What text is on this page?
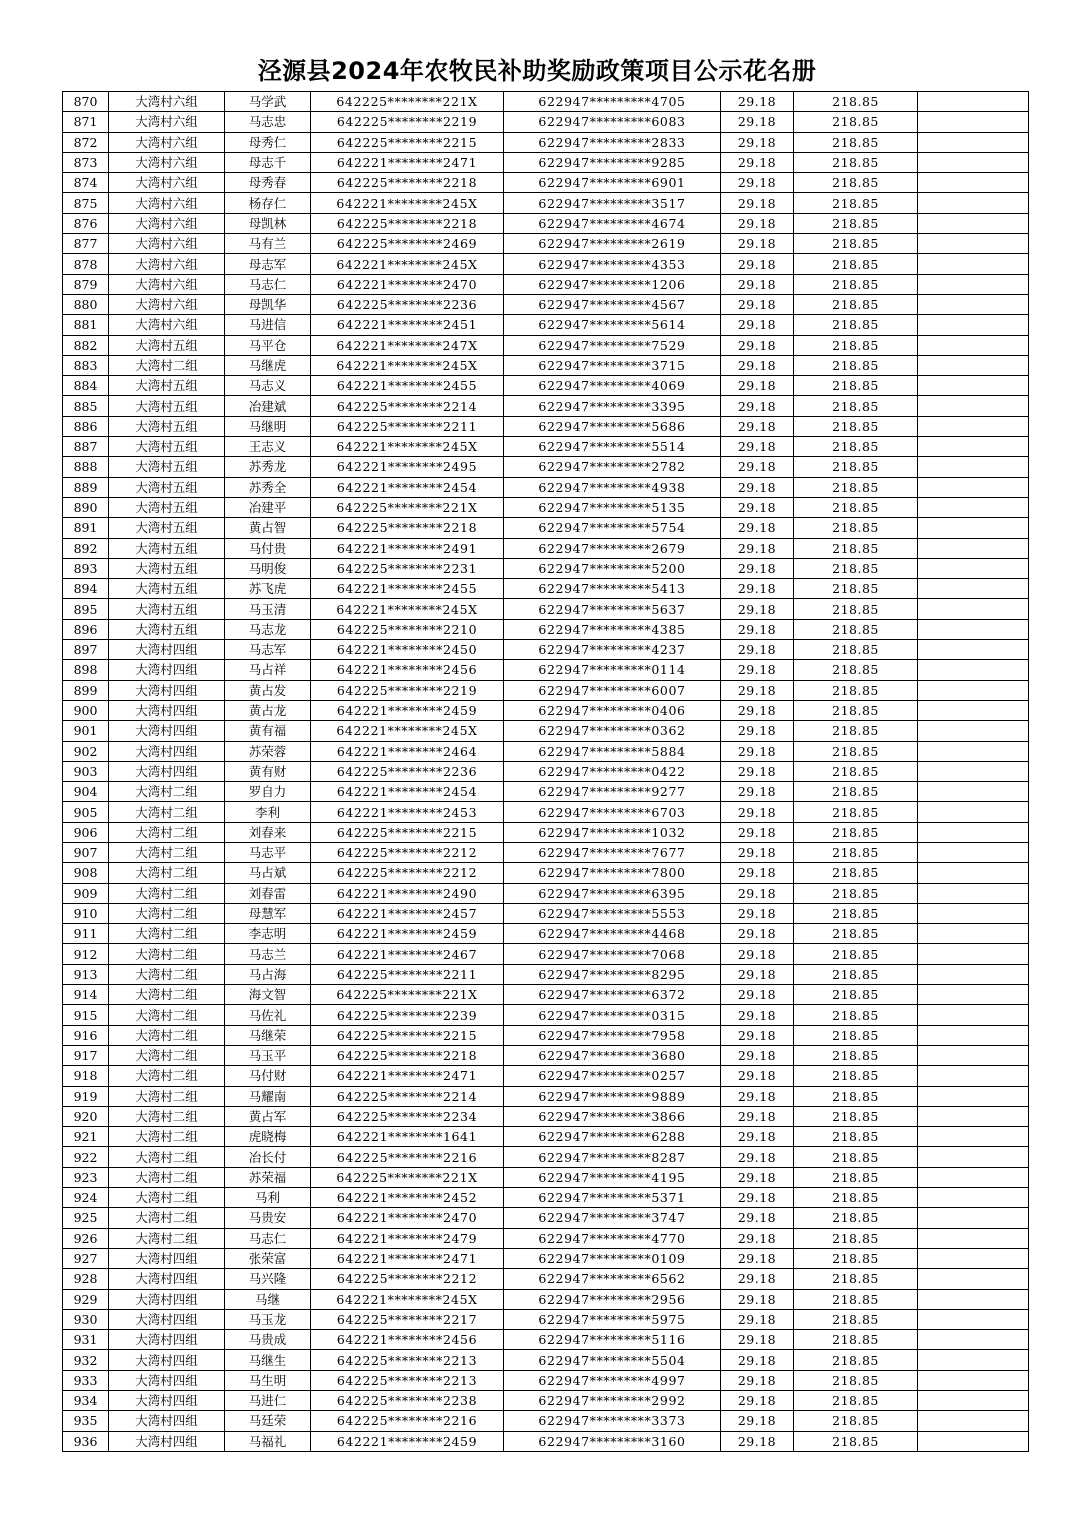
泾源县2024年农牧民补助奖励政策项目公示花名册
870	大湾村六组	马学武	642225********221X	622947*********4705	29.18	218.85	
871	大湾村六组	马志忠	642225********2219	622947*********6083	29.18	218.85	
872	大湾村六组	母秀仁	642225********2215	622947*********2833	29.18	218.85	
873	大湾村六组	母志千	642221********2471	622947*********9285	29.18	218.85	
874	大湾村六组	母秀春	642225********2218	622947*********6901	29.18	218.85	
875	大湾村六组	杨存仁	642221********245X	622947*********3517	29.18	218.85	
876	大湾村六组	母凯林	642225********2218	622947*********4674	29.18	218.85	
877	大湾村六组	马有兰	642225********2469	622947*********2619	29.18	218.85	
878	大湾村六组	母志军	642221********245X	622947*********4353	29.18	218.85	
879	大湾村六组	马志仁	642221********2470	622947*********1206	29.18	218.85	
880	大湾村六组	母凯华	642225********2236	622947*********4567	29.18	218.85	
881	大湾村六组	马进信	642221********2451	622947*********5614	29.18	218.85	
882	大湾村五组	马平仓	642221********247X	622947*********7529	29.18	218.85	
883	大湾村二组	马继虎	642221********245X	622947*********3715	29.18	218.85	
884	大湾村五组	马志义	642221********2455	622947*********4069	29.18	218.85	
885	大湾村五组	冶建斌	642225********2214	622947*********3395	29.18	218.85	
886	大湾村五组	马继明	642225********2211	622947*********5686	29.18	218.85	
887	大湾村五组	王志义	642221********245X	622947*********5514	29.18	218.85	
888	大湾村五组	苏秀龙	642221********2495	622947*********2782	29.18	218.85	
889	大湾村五组	苏秀全	642221********2454	622947*********4938	29.18	218.85	
890	大湾村五组	冶建平	642225********221X	622947*********5135	29.18	218.85	
891	大湾村五组	黄占智	642225********2218	622947*********5754	29.18	218.85	
892	大湾村五组	马付贵	642221********2491	622947*********2679	29.18	218.85	
893	大湾村五组	马明俊	642225********2231	622947*********5200	29.18	218.85	
894	大湾村五组	苏飞虎	642221********2455	622947*********5413	29.18	218.85	
895	大湾村五组	马玉清	642221********245X	622947*********5637	29.18	218.85	
896	大湾村五组	马志龙	642225********2210	622947*********4385	29.18	218.85	
897	大湾村四组	马志军	642221********2450	622947*********4237	29.18	218.85	
898	大湾村四组	马占祥	642221********2456	622947*********0114	29.18	218.85	
899	大湾村四组	黄占发	642225********2219	622947*********6007	29.18	218.85	
900	大湾村四组	黄占龙	642221********2459	622947*********0406	29.18	218.85	
901	大湾村四组	黄有福	642221********245X	622947*********0362	29.18	218.85	
902	大湾村四组	苏荣蓉	642221********2464	622947*********5884	29.18	218.85	
903	大湾村四组	黄有财	642225********2236	622947*********0422	29.18	218.85	
904	大湾村二组	罗自力	642221********2454	622947*********9277	29.18	218.85	
905	大湾村二组	李利	642221********2453	622947*********6703	29.18	218.85	
906	大湾村二组	刘春来	642225********2215	622947*********1032	29.18	218.85	
907	大湾村二组	马志平	642225********2212	622947*********7677	29.18	218.85	
908	大湾村二组	马占斌	642225********2212	622947*********7800	29.18	218.85	
909	大湾村二组	刘春雷	642221********2490	622947*********6395	29.18	218.85	
910	大湾村二组	母慧军	642221********2457	622947*********5553	29.18	218.85	
911	大湾村二组	李志明	642221********2459	622947*********4468	29.18	218.85	
912	大湾村二组	马志兰	642221********2467	622947*********7068	29.18	218.85	
913	大湾村二组	马占海	642225********2211	622947*********8295	29.18	218.85	
914	大湾村二组	海文智	642225********221X	622947*********6372	29.18	218.85	
915	大湾村二组	马佐礼	642225********2239	622947*********0315	29.18	218.85	
916	大湾村二组	马继荣	642225********2215	622947*********7958	29.18	218.85	
917	大湾村二组	马玉平	642225********2218	622947*********3680	29.18	218.85	
918	大湾村二组	马付财	642221********2471	622947*********0257	29.18	218.85	
919	大湾村二组	马耀南	642225********2214	622947*********9889	29.18	218.85	
920	大湾村二组	黄占军	642225********2234	622947*********3866	29.18	218.85	
921	大湾村二组	虎晓梅	642221********1641	622947*********6288	29.18	218.85	
922	大湾村二组	冶长付	642225********2216	622947*********8287	29.18	218.85	
923	大湾村二组	苏荣福	642225********221X	622947*********4195	29.18	218.85	
924	大湾村二组	马利	642221********2452	622947*********5371	29.18	218.85	
925	大湾村二组	马贵安	642221********2470	622947*********3747	29.18	218.85	
926	大湾村二组	马志仁	642221********2479	622947*********4770	29.18	218.85	
927	大湾村四组	张荣富	642221********2471	622947*********0109	29.18	218.85	
928	大湾村四组	马兴隆	642225********2212	622947*********6562	29.18	218.85	
929	大湾村四组	马继	642221********245X	622947*********2956	29.18	218.85	
930	大湾村四组	马玉龙	642225********2217	622947*********5975	29.18	218.85	
931	大湾村四组	马贵成	642221********2456	622947*********5116	29.18	218.85	
932	大湾村四组	马继生	642225********2213	622947*********5504	29.18	218.85	
933	大湾村四组	马生明	642225********2213	622947*********4997	29.18	218.85	
934	大湾村四组	马进仁	642225********2238	622947*********2992	29.18	218.85	
935	大湾村四组	马廷荣	642225********2216	622947*********3373	29.18	218.85	
936	大湾村四组	马福礼	642221********2459	622947*********3160	29.18	218.85	
